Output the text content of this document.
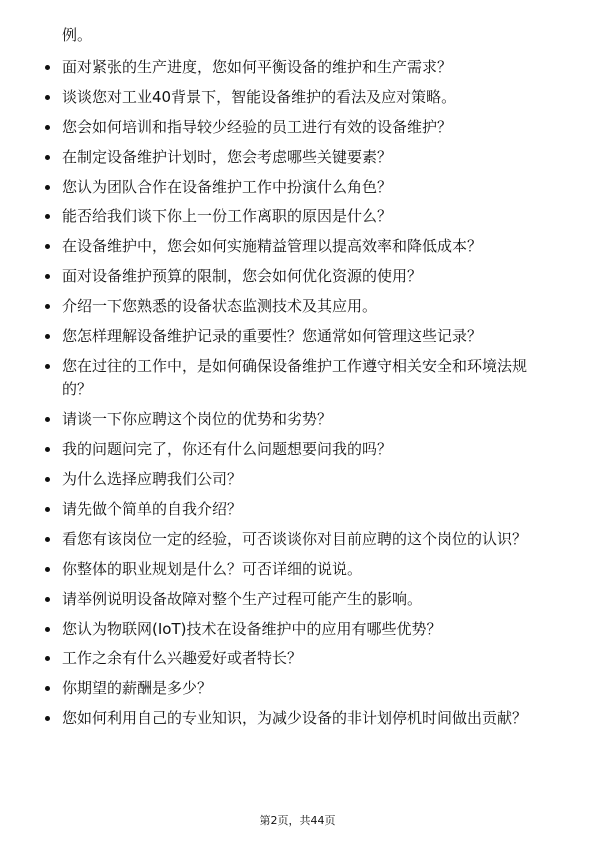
例。

面对紧张的生产进度，您如何平衡设备的维护和生产需求？
谈谈您对工业40背景下，智能设备维护的看法及应对策略。
您会如何培训和指导较少经验的员工进行有效的设备维护？
在制定设备维护计划时，您会考虑哪些关键要素？
您认为团队合作在设备维护工作中扮演什么角色？
能否给我们谈下你上一份工作离职的原因是什么？
在设备维护中，您会如何实施精益管理以提高效率和降低成本？
面对设备维护预算的限制，您会如何优化资源的使用？
介绍一下您熟悉的设备状态监测技术及其应用。
您怎样理解设备维护记录的重要性？您通常如何管理这些记录？
您在过往的工作中，是如何确保设备维护工作遵守相关安全和环境法规的？
请谈一下你应聘这个岗位的优势和劣势？
我的问题问完了，你还有什么问题想要问我的吗？
为什么选择应聘我们公司？
请先做个简单的自我介绍？
看您有该岗位一定的经验，可否谈谈你对目前应聘的这个岗位的认识？
你整体的职业规划是什么？可否详细的说说。
请举例说明设备故障对整个生产过程可能产生的影响。
您认为物联网(IoT)技术在设备维护中的应用有哪些优势？
工作之余有什么兴趣爱好或者特长？
你期望的薪酬是多少？
您如何利用自己的专业知识，为减少设备的非计划停机时间做出贡献？
第2页，共44页
